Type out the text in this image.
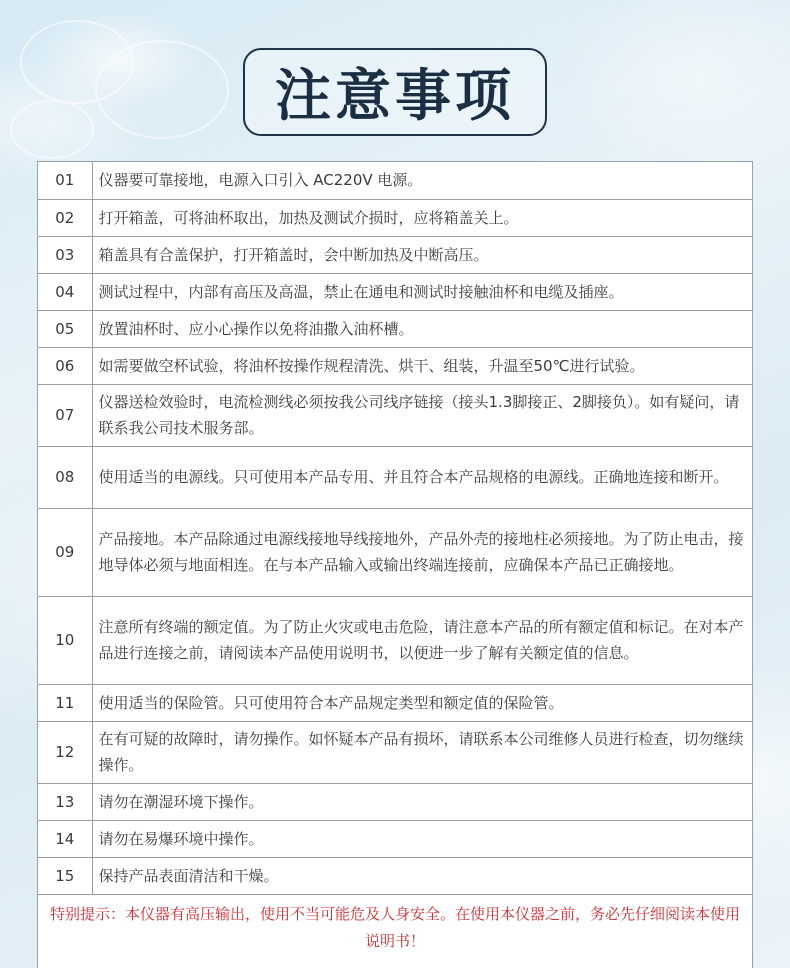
注意事项
01	仪器要可靠接地，电源入口引入 AC220V 电源。
02	打开箱盖，可将油杯取出，加热及测试介损时，应将箱盖关上。
03	箱盖具有合盖保护，打开箱盖时，会中断加热及中断高压。
04	测试过程中，内部有高压及高温，禁止在通电和测试时接触油杯和电缆及插座。
05	放置油杯时、应小心操作以免将油撒入油杯槽。
06	如需要做空杯试验，将油杯按操作规程清洗、烘干、组装，升温至50℃进行试验。
07	仪器送检效验时，电流检测线必须按我公司线序链接（接头1.3脚接正、2脚接负）。如有疑问，请联系我公司技术服务部。
08	使用适当的电源线。只可使用本产品专用、并且符合本产品规格的电源线。正确地连接和断开。
09	产品接地。本产品除通过电源线接地导线接地外，产品外壳的接地柱必须接地。为了防止电击，接地导体必须与地面相连。在与本产品输入或输出终端连接前，应确保本产品已正确接地。
10	注意所有终端的额定值。为了防止火灾或电击危险，请注意本产品的所有额定值和标记。在对本产品进行连接之前，请阅读本产品使用说明书，以便进一步了解有关额定值的信息。
11	使用适当的保险管。只可使用符合本产品规定类型和额定值的保险管。
12	在有可疑的故障时，请勿操作。如怀疑本产品有损坏，请联系本公司维修人员进行检查，切勿继续操作。
13	请勿在潮湿环境下操作。
14	请勿在易爆环境中操作。
15	保持产品表面清洁和干燥。
特别提示：本仪器有高压输出，使用不当可能危及人身安全。在使用本仪器之前，务必先仔细阅读本使用说明书！
